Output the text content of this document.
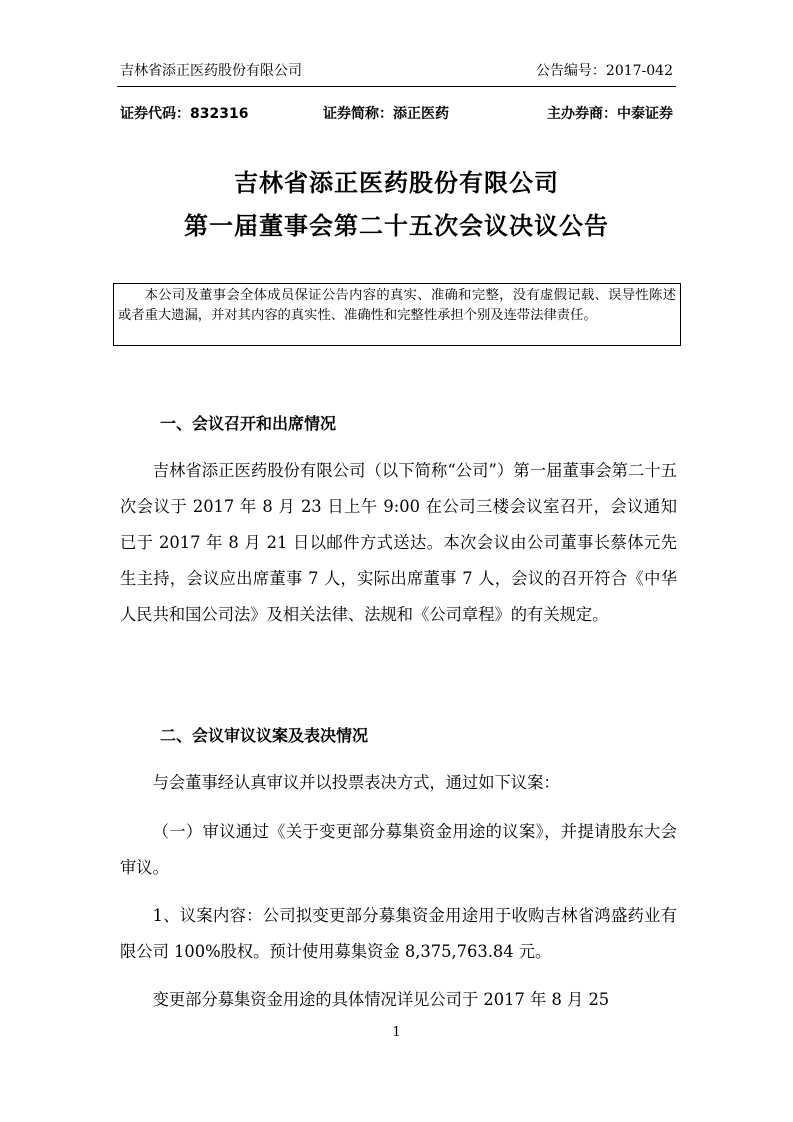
吉林省添正医药股份有限公司	公告编号：2017-042
证券代码：832316	证券简称：添正医药	主办券商：中泰证券
吉林省添正医药股份有限公司
第一届董事会第二十五次会议决议公告
本公司及董事会全体成员保证公告内容的真实、准确和完整，没有虚假记载、误导性陈述或者重大遗漏，并对其内容的真实性、准确性和完整性承担个别及连带法律责任。
一、会议召开和出席情况
吉林省添正医药股份有限公司（以下简称“公司”）第一届董事会第二十五次会议于 2017 年 8 月 23 日上午 9:00 在公司三楼会议室召开，会议通知已于 2017 年 8 月 21 日以邮件方式送达。本次会议由公司董事长蔡体元先生主持，会议应出席董事 7 人，实际出席董事 7 人，会议的召开符合《中华人民共和国公司法》及相关法律、法规和《公司章程》的有关规定。
二、会议审议议案及表决情况
与会董事经认真审议并以投票表决方式，通过如下议案：
（一）审议通过《关于变更部分募集资金用途的议案》，并提请股东大会审议。
1、议案内容：公司拟变更部分募集资金用途用于收购吉林省鸿盛药业有限公司 100%股权。预计使用募集资金 8,375,763.84 元。
变更部分募集资金用途的具体情况详见公司于 2017 年 8 月 25
1
